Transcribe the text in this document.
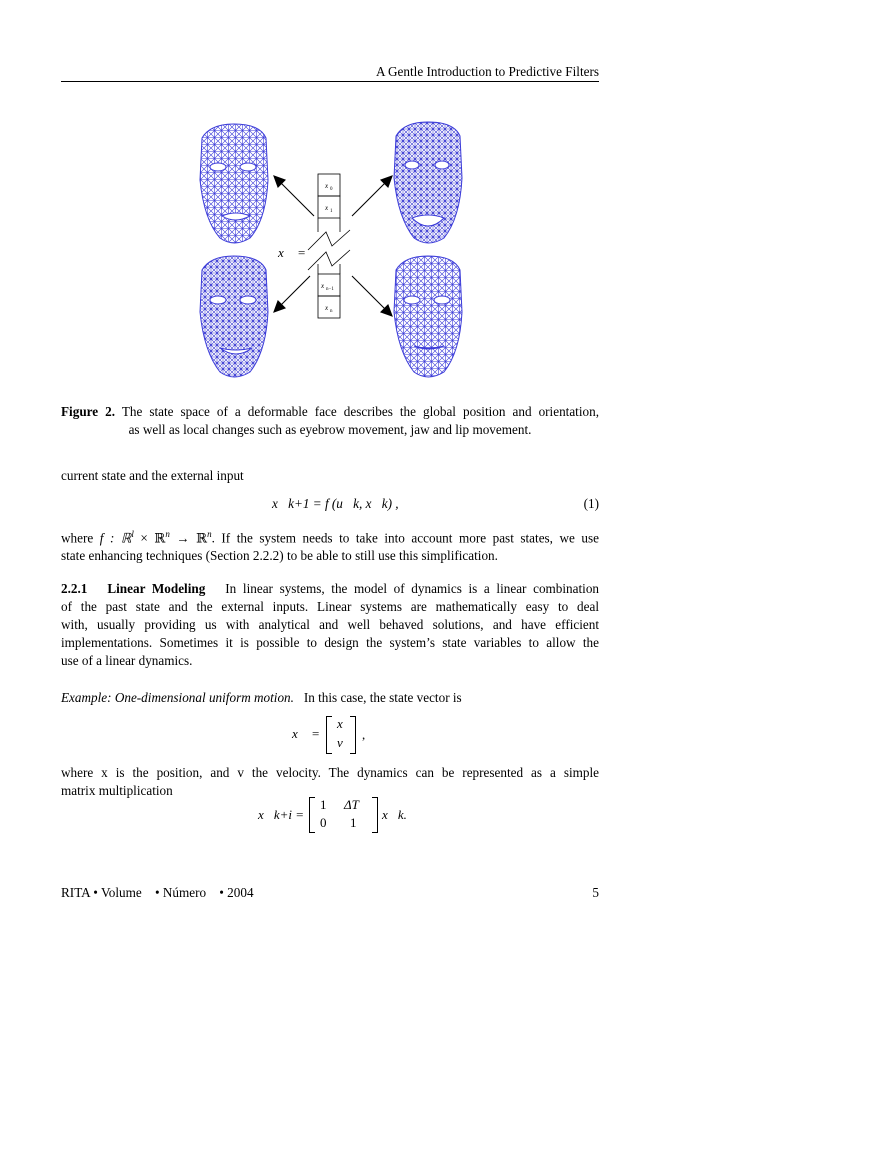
A Gentle Introduction to Predictive Filters
x 0
x 1
x n−1
x n
x⃗ =
Figure 2. The state space of a deformable face describes the global position and orientation,
as well as local changes such as eyebrow movement, jaw and lip movement.
current state and the external input
x⃗k+1 = f (u⃗k, x⃗k) ,	(1)
where f : ℝ$^l$ × ℝ$^n$ → ℝ$^n$. If the system needs to take into account more past states, we use
state enhancing techniques (Section 2.2.2) to be able to still use this simplification.
2.2.1 Linear Modeling In linear systems, the model of dynamics is a linear combination
of the past state and the external inputs. Linear systems are mathematically easy to deal
with, usually providing us with analytical and well behaved solutions, and have efficient
implementations. Sometimes it is possible to design the system’s state variables to allow the
use of a linear dynamics.
Example: One-dimensional uniform motion. In this case, the state vector is
x⃗ =
x
v
,
where x is the position, and v the velocity. The dynamics can be represented as a simple
matrix multiplication
x⃗k+i =
1 ΔT
0 1
x⃗k.
RITA • Volume • Número • 2004	5
